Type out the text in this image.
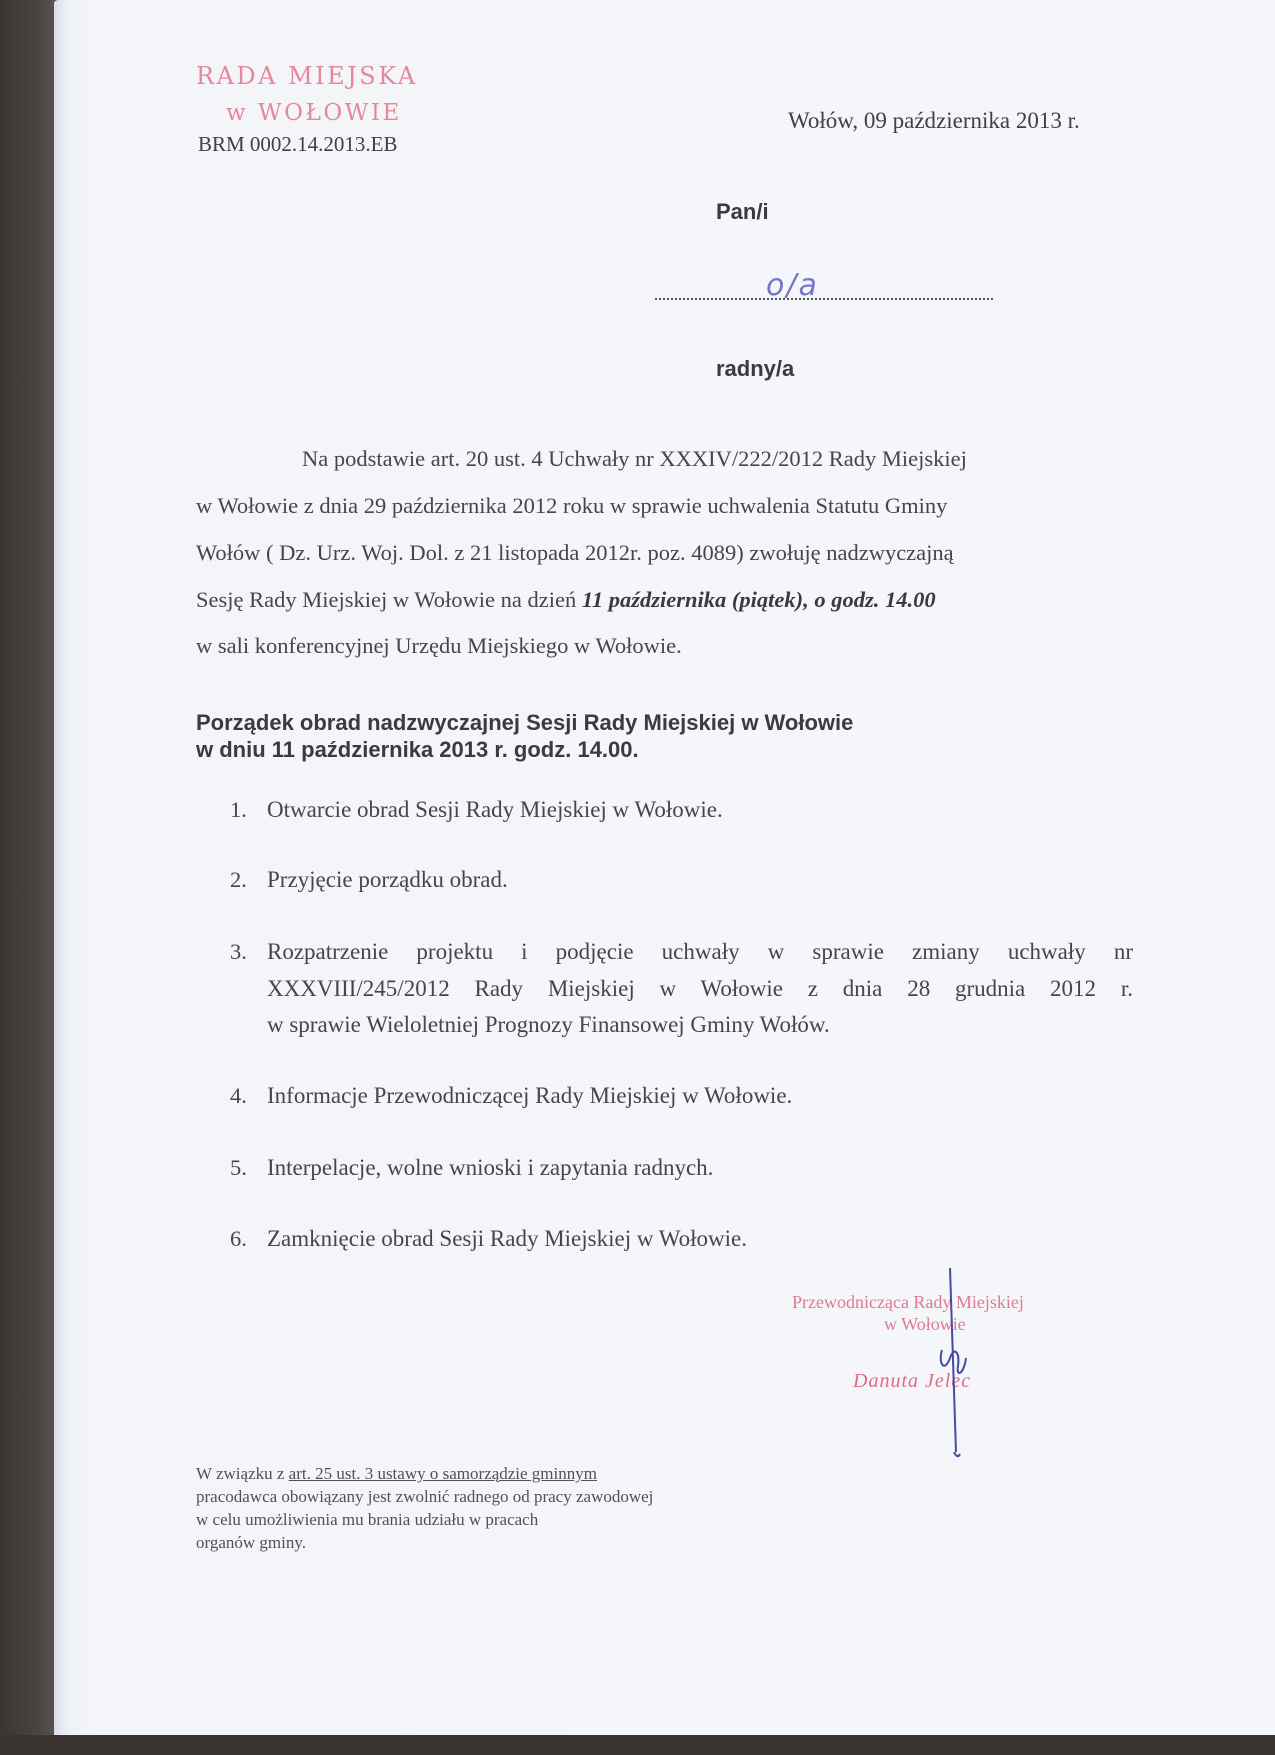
RADA MIEJSKA
w WOŁOWIE
BRM 0002.14.2013.EB
Wołów, 09 października 2013 r.
Pan/i
o/a
radny/a
Na podstawie art. 20 ust. 4 Uchwały nr XXXIV/222/2012 Rady Miejskiej
w Wołowie z dnia 29 października 2012 roku w sprawie uchwalenia Statutu Gminy
Wołów ( Dz. Urz. Woj. Dol. z 21 listopada 2012r. poz. 4089) zwołuję nadzwyczajną
Sesję Rady Miejskiej w Wołowie na dzień 11 października (piątek), o godz. 14.00
w sali konferencyjnej Urzędu Miejskiego w Wołowie.
Porządek obrad nadzwyczajnej Sesji Rady Miejskiej w Wołowie
w dniu 11 października 2013 r. godz. 14.00.
1. Otwarcie obrad Sesji Rady Miejskiej w Wołowie.
2. Przyjęcie porządku obrad.
3. Rozpatrzenie projektu i podjęcie uchwały w sprawie zmiany uchwały nr
XXXVIII/245/2012 Rady Miejskiej w Wołowie z dnia 28 grudnia 2012 r.
w sprawie Wieloletniej Prognozy Finansowej Gminy Wołów.
4. Informacje Przewodniczącej Rady Miejskiej w Wołowie.
5. Interpelacje, wolne wnioski i zapytania radnych.
6. Zamknięcie obrad Sesji Rady Miejskiej w Wołowie.
Przewodnicząca Rady Miejskiej
w Wołowie
Danuta Jelec
W związku z art. 25 ust. 3 ustawy o samorządzie gminnym
pracodawca obowiązany jest zwolnić radnego od pracy zawodowej
w celu umożliwienia mu brania udziału w pracach
organów gminy.
